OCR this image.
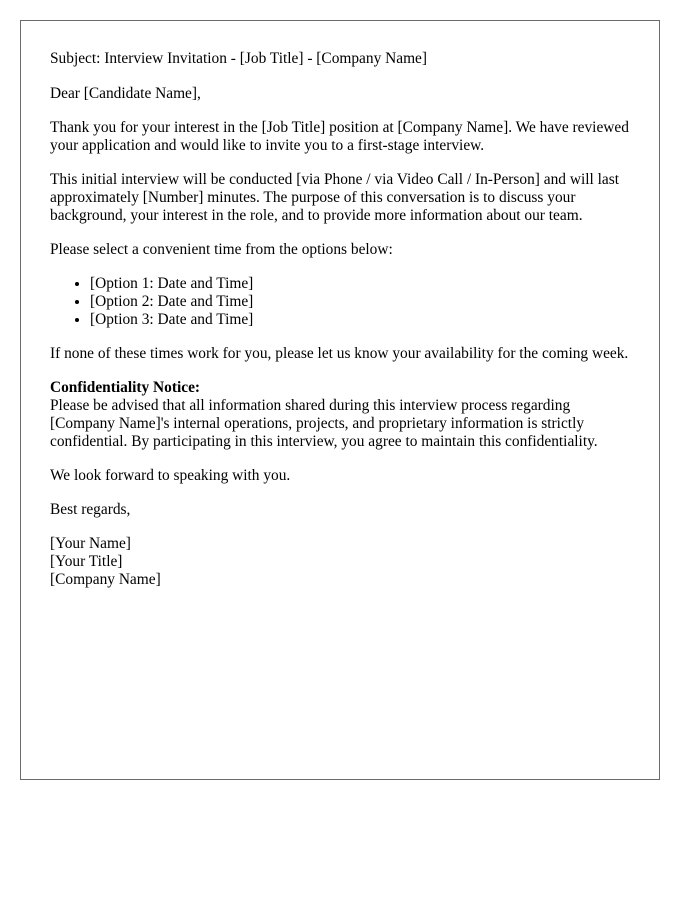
Subject: Interview Invitation - [Job Title] - [Company Name]

Dear [Candidate Name],

Thank you for your interest in the [Job Title] position at [Company Name]. We have reviewed your application and would like to invite you to a first-stage interview.

This initial interview will be conducted [via Phone / via Video Call / In-Person] and will last approximately [Number] minutes. The purpose of this conversation is to discuss your background, your interest in the role, and to provide more information about our team.

Please select a convenient time from the options below:

• [Option 1: Date and Time]
• [Option 2: Date and Time]
• [Option 3: Date and Time]

If none of these times work for you, please let us know your availability for the coming week.

Confidentiality Notice:
Please be advised that all information shared during this interview process regarding [Company Name]'s internal operations, projects, and proprietary information is strictly confidential. By participating in this interview, you agree to maintain this confidentiality.

We look forward to speaking with you.

Best regards,

[Your Name]
[Your Title]
[Company Name]
